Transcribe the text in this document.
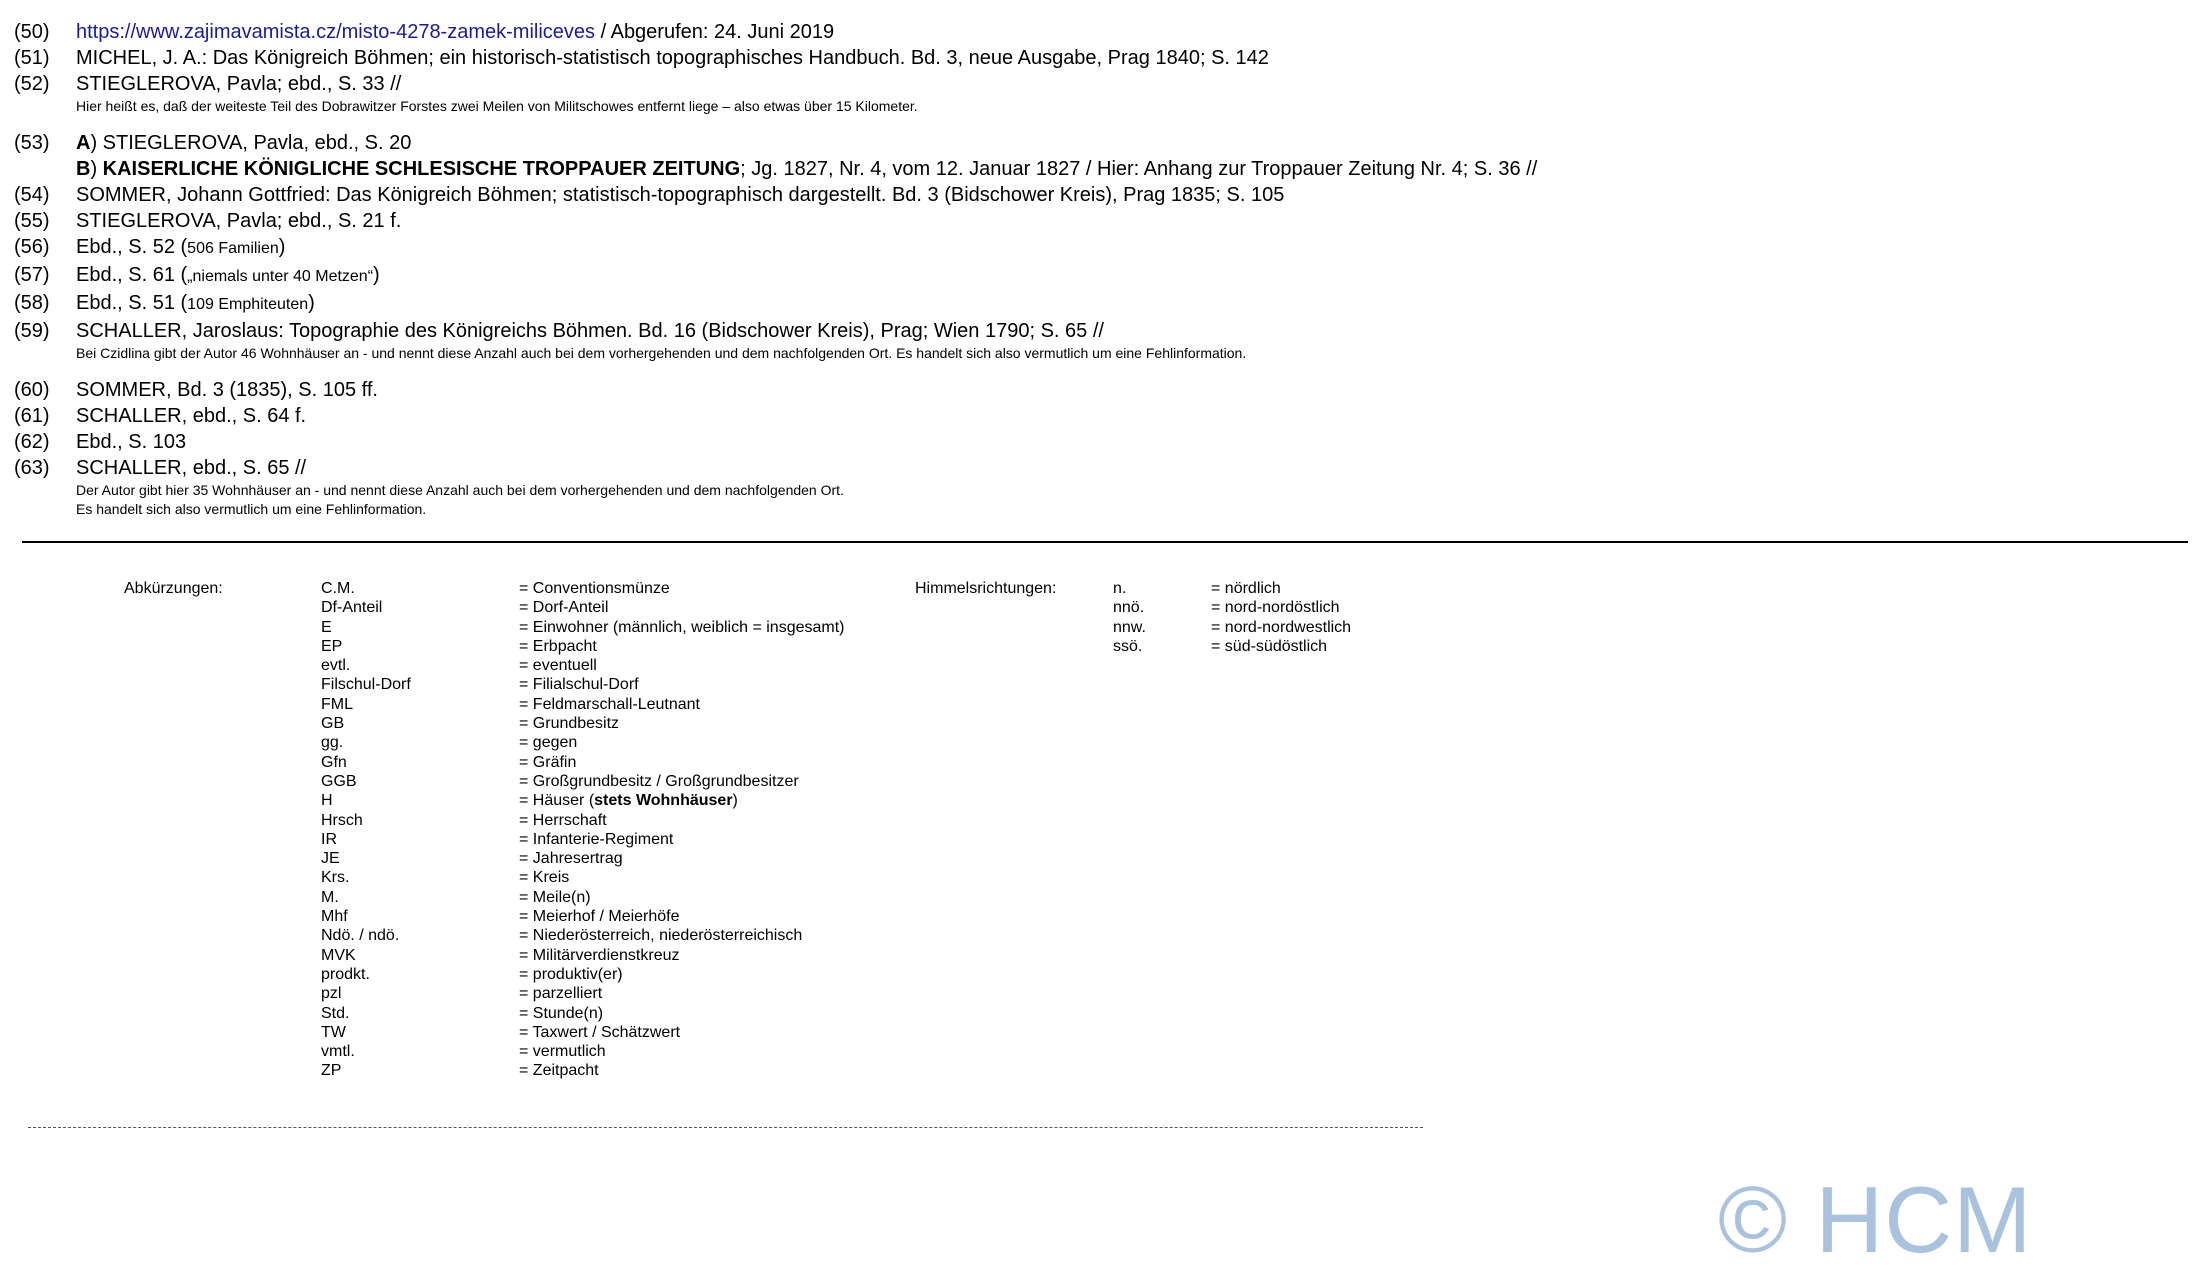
(50) https://www.zajimavamista.cz/misto-4278-zamek-miliceves / Abgerufen: 24. Juni 2019
(51) MICHEL, J. A.: Das Königreich Böhmen; ein historisch-statistisch topographisches Handbuch. Bd. 3, neue Ausgabe, Prag 1840; S. 142
(52) STIEGLEROVA, Pavla; ebd., S. 33 //
Hier heißt es, daß der weiteste Teil des Dobrawitzer Forstes zwei Meilen von Militschowes entfernt liege – also etwas über 15 Kilometer.
(53) A) STIEGLEROVA, Pavla, ebd., S. 20
B) KAISERLICHE KÖNIGLICHE SCHLESISCHE TROPPAUER ZEITUNG; Jg. 1827, Nr. 4, vom 12. Januar 1827 / Hier: Anhang zur Troppauer Zeitung Nr. 4; S. 36 //
(54) SOMMER, Johann Gottfried: Das Königreich Böhmen; statistisch-topographisch dargestellt. Bd. 3 (Bidschower Kreis), Prag 1835; S. 105
(55) STIEGLEROVA, Pavla; ebd., S. 21 f.
(56) Ebd., S. 52 (506 Familien)
(57) Ebd., S. 61 („niemals unter 40 Metzen“)
(58) Ebd., S. 51 (109 Emphiteuten)
(59) SCHALLER, Jaroslaus: Topographie des Königreichs Böhmen. Bd. 16 (Bidschower Kreis), Prag; Wien 1790; S. 65 //
Bei Czidlina gibt der Autor 46 Wohnhäuser an - und nennt diese Anzahl auch bei dem vorhergehenden und dem nachfolgenden Ort. Es handelt sich also vermutlich um eine Fehlinformation.
(60) SOMMER, Bd. 3 (1835), S. 105 ff.
(61) SCHALLER, ebd., S. 64 f.
(62) Ebd., S. 103
(63) SCHALLER, ebd., S. 65 //
Der Autor gibt hier 35 Wohnhäuser an - und nennt diese Anzahl auch bei dem vorhergehenden und dem nachfolgenden Ort.
Es handelt sich also vermutlich um eine Fehlinformation.
Abkürzungen:	C.M.
Df-Anteil
E
EP
evtl.
Filschul-Dorf
FML
GB
gg.
Gfn
GGB
H
Hrsch
IR
JE
Krs.
M.
Mhf
Ndö. / ndö.
MVK
prodkt.
pzl
Std.
TW
vmtl.
ZP
= Conventionsmünze
= Dorf-Anteil
= Einwohner (männlich, weiblich = insgesamt)
= Erbpacht
= eventuell
= Filialschul-Dorf
= Feldmarschall-Leutnant
= Grundbesitz
= gegen
= Gräfin
= Großgrundbesitz / Großgrundbesitzer
= Häuser (stets Wohnhäuser)
= Herrschaft
= Infanterie-Regiment
= Jahresertrag
= Kreis
= Meile(n)
= Meierhof / Meierhöfe
= Niederösterreich, niederösterreichisch
= Militärverdienstkreuz
= produktiv(er)
= parzelliert
= Stunde(n)
= Taxwert / Schätzwert
= vermutlich
= Zeitpacht
Himmelsrichtungen:	n.
nnö.
nnw.
ssö.
= nördlich
= nord-nordöstlich
= nord-nordwestlich
= süd-südöstlich
© HCM
